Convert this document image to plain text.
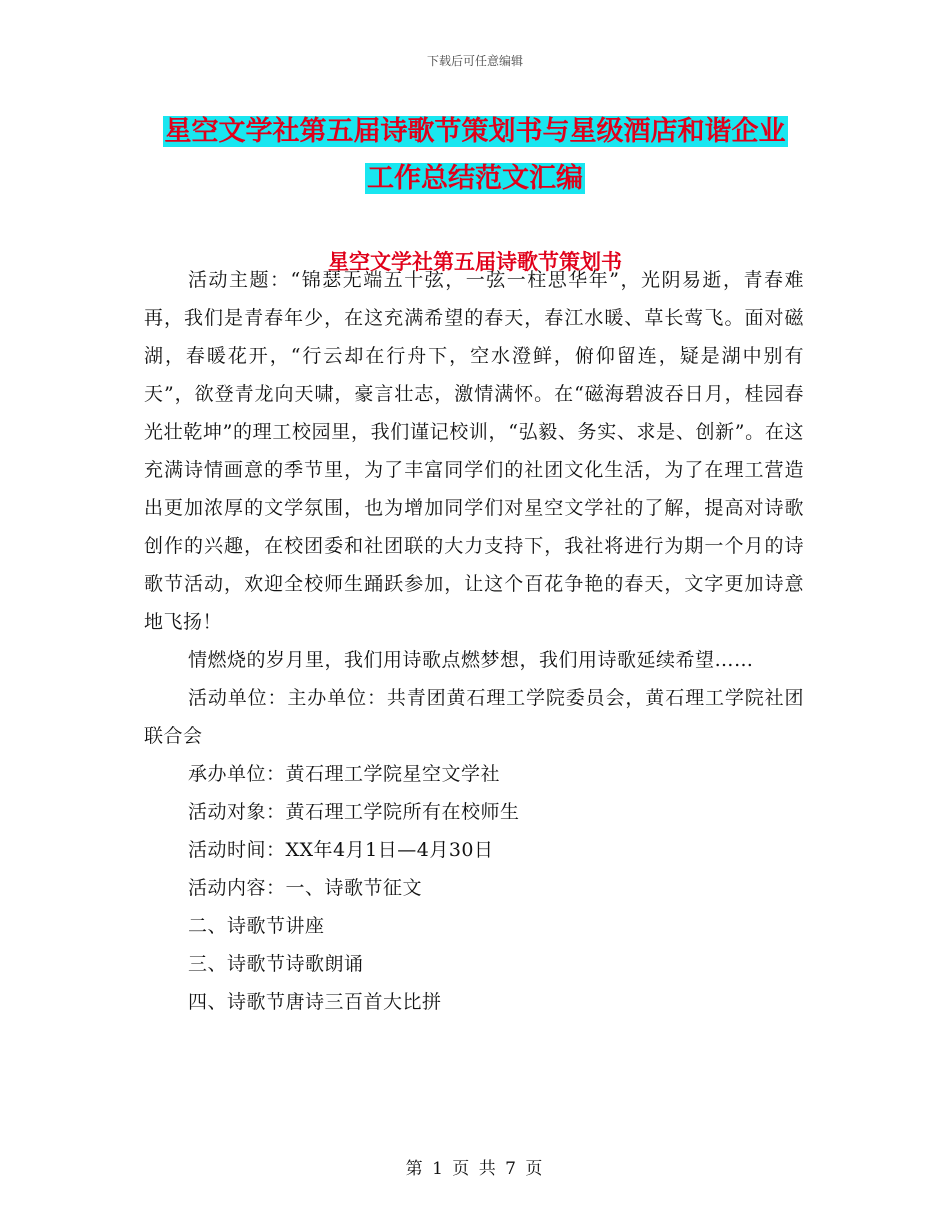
下载后可任意编辑
星空文学社第五届诗歌节策划书与星级酒店和谐企业
工作总结范文汇编
星空文学社第五届诗歌节策划书

活动主题：“锦瑟无端五十弦，一弦一柱思华年”，光阴易逝，青春难再，我们是青春年少，在这充满希望的春天，春江水暖、草长莺飞。面对磁湖，春暖花开，“行云却在行舟下，空水澄鲜，俯仰留连，疑是湖中别有天”，欲登青龙向天啸，豪言壮志，激情满怀。在“磁海碧波吞日月，桂园春光壮乾坤”的理工校园里，我们谨记校训，“弘毅、务实、求是、创新”。在这充满诗情画意的季节里，为了丰富同学们的社团文化生活，为了在理工营造出更加浓厚的文学氛围，也为增加同学们对星空文学社的了解，提高对诗歌创作的兴趣，在校团委和社团联的大力支持下，我社将进行为期一个月的诗歌节活动，欢迎全校师生踊跃参加，让这个百花争艳的春天，文字更加诗意地飞扬！

情燃烧的岁月里，我们用诗歌点燃梦想，我们用诗歌延续希望……

活动单位：主办单位：共青团黄石理工学院委员会，黄石理工学院社团联合会

承办单位：黄石理工学院星空文学社

活动对象：黄石理工学院所有在校师生

活动时间：XX年4月1日—4月30日

活动内容：一、诗歌节征文

二、诗歌节讲座

三、诗歌节诗歌朗诵

四、诗歌节唐诗三百首大比拼

第 1 页 共 7 页
